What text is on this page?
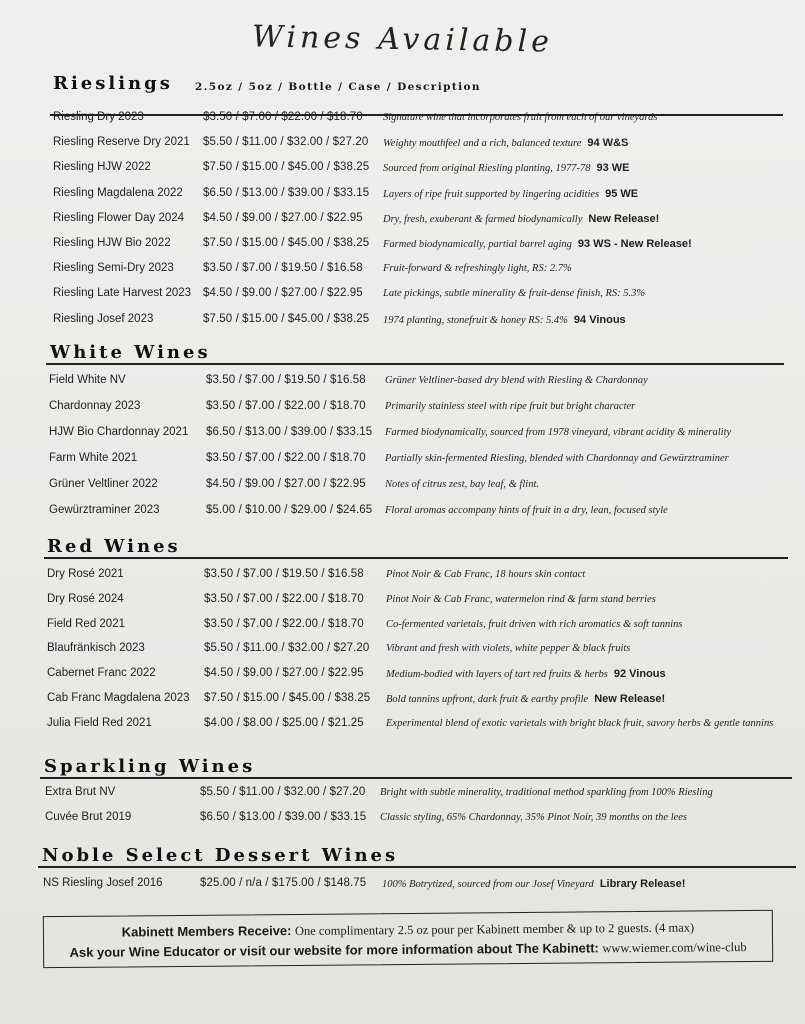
Wines Available
Rieslings 2.5oz / 5oz / Bottle / Case / Description
Riesling Dry 2023	$3.50 / $7.00 / $22.00 / $18.70 Signature wine that incorporates fruit from each of our vineyards
Riesling Reserve Dry 2021 $5.50 / $11.00 / $32.00 / $27.20 Weighty mouthfeel and a rich, balanced texture 94 W&S
Riesling HJW 2022	$7.50 / $15.00 / $45.00 / $38.25 Sourced from original Riesling planting, 1977-78 93 WE
Riesling Magdalena 2022 $6.50 / $13.00 / $39.00 / $33.15 Layers of ripe fruit supported by lingering acidities 95 WE
Riesling Flower Day 2024 $4.50 / $9.00 / $27.00 / $22.95 Dry, fresh, exuberant & farmed biodynamically New Release!
Riesling HJW Bio 2022	$7.50 / $15.00 / $45.00 / $38.25 Farmed biodynamically, partial barrel aging 93 WS - New Release!
Riesling Semi-Dry 2023	$3.50 / $7.00 / $19.50 / $16.58 Fruit-forward & refreshingly light, RS: 2.7%
Riesling Late Harvest 2023 $4.50 / $9.00 / $27.00 / $22.95 Late pickings, subtle minerality & fruit-dense finish, RS: 5.3%
Riesling Josef 2023	$7.50 / $15.00 / $45.00 / $38.25 1974 planting, stonefruit & honey RS: 5.4% 94 Vinous
White Wines
Field White NV	$3.50 / $7.00 / $19.50 / $16.58 Grüner Veltliner-based dry blend with Riesling & Chardonnay
Chardonnay 2023	$3.50 / $7.00 / $22.00 / $18.70 Primarily stainless steel with ripe fruit but bright character
HJW Bio Chardonnay 2021 $6.50 / $13.00 / $39.00 / $33.15 Farmed biodynamically, sourced from 1978 vineyard, vibrant acidity & minerality
Farm White 2021	$3.50 / $7.00 / $22.00 / $18.70 Partially skin-fermented Riesling, blended with Chardonnay and Gewürztraminer
Grüner Veltliner 2022	$4.50 / $9.00 / $27.00 / $22.95 Notes of citrus zest, bay leaf, & flint.
Gewürztraminer 2023	$5.00 / $10.00 / $29.00 / $24.65 Floral aromas accompany hints of fruit in a dry, lean, focused style
Red Wines
Dry Rosé 2021	$3.50 / $7.00 / $19.50 / $16.58 Pinot Noir & Cab Franc, 18 hours skin contact
Dry Rosé 2024	$3.50 / $7.00 / $22.00 / $18.70 Pinot Noir & Cab Franc, watermelon rind & farm stand berries
Field Red 2021	$3.50 / $7.00 / $22.00 / $18.70 Co-fermented varietals, fruit driven with rich aromatics & soft tannins
Blaufränkisch 2023	$5.50 / $11.00 / $32.00 / $27.20 Vibrant and fresh with violets, white pepper & black fruits
Cabernet Franc 2022	$4.50 / $9.00 / $27.00 / $22.95 Medium-bodied with layers of tart red fruits & herbs 92 Vinous
Cab Franc Magdalena 2023 $7.50 / $15.00 / $45.00 / $38.25 Bold tannins upfront, dark fruit & earthy profile New Release!
Julia Field Red 2021	$4.00 / $8.00 / $25.00 / $21.25 Experimental blend of exotic varietals with bright black fruit, savory herbs & gentle tannins
Sparkling Wines
Extra Brut NV	$5.50 / $11.00 / $32.00 / $27.20 Bright with subtle minerality, traditional method sparkling from 100% Riesling
Cuvée Brut 2019	$6.50 / $13.00 / $39.00 / $33.15 Classic styling, 65% Chardonnay, 35% Pinot Noir, 39 months on the lees
Noble Select Dessert Wines
NS Riesling Josef 2016	$25.00 / n/a / $175.00 / $148.75 100% Botrytized, sourced from our Josef Vineyard Library Release!
Kabinett Members Receive: One complimentary 2.5 oz pour per Kabinett member & up to 2 guests. (4 max)
Ask your Wine Educator or visit our website for more information about The Kabinett: www.wiemer.com/wine-club
